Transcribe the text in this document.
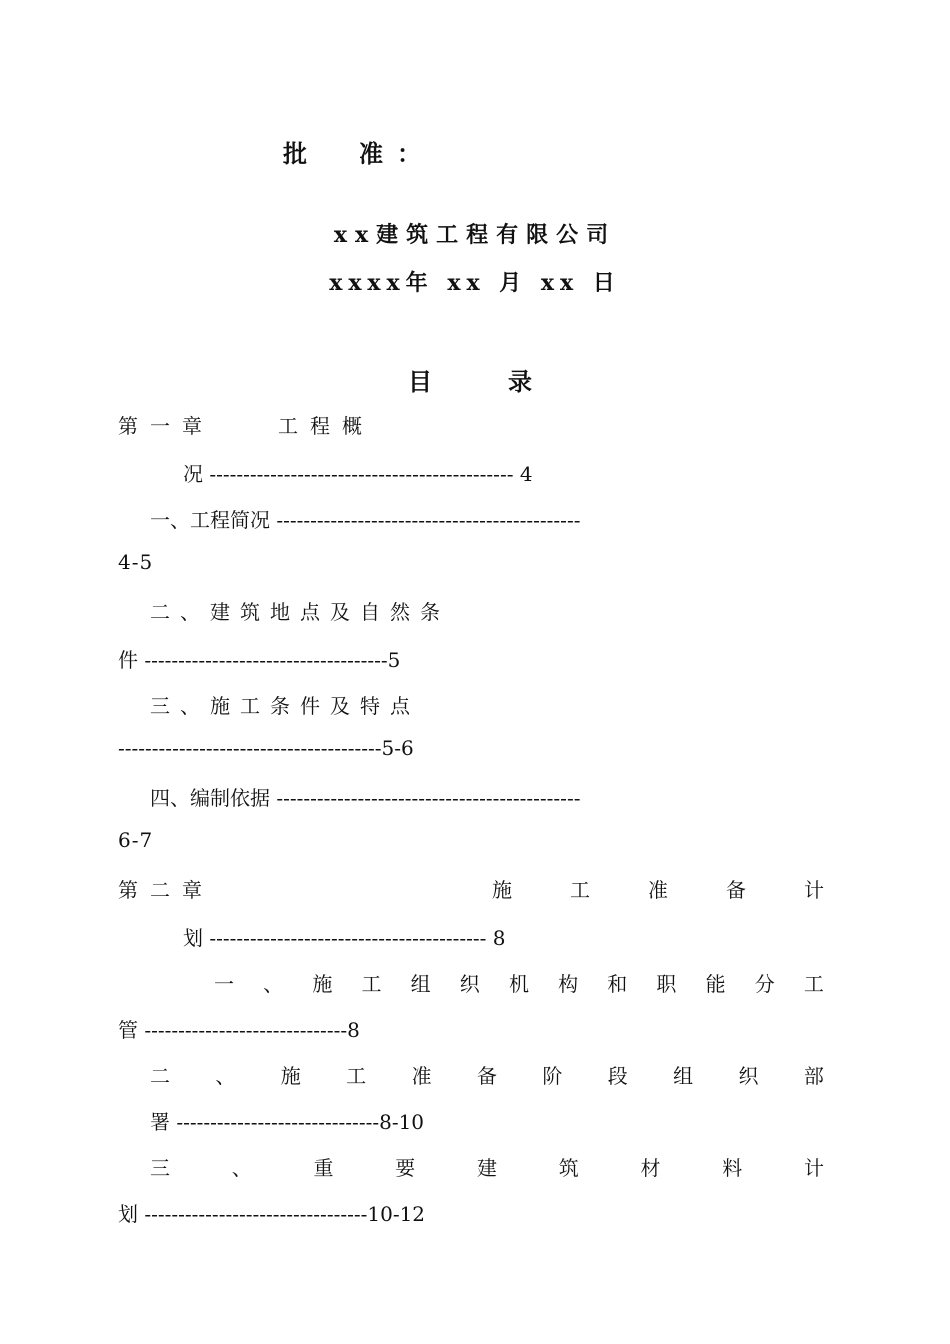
批　准：
xx建筑工程有限公司
xxxx年 xx 月 xx 日
目录
第一章　　工程概
况 --------------------------------------------- 4
一、工程简况 ---------------------------------------------
4-5
二、建筑地点及自然条
件 ------------------------------------5
三、施工条件及特点
---------------------------------------5-6
四、编制依据 ---------------------------------------------
6-7
第二章	施	工	准	备	计
划 ----------------------------------------- 8
一 、 施 工 组 织 机 构 和 职 能 分 工
管 ------------------------------8
二 、 施 工 准 备 阶 段 组 织 部
署 ------------------------------8-10
三	、	重	要	建	筑	材	料	计
划 ---------------------------------10-12
